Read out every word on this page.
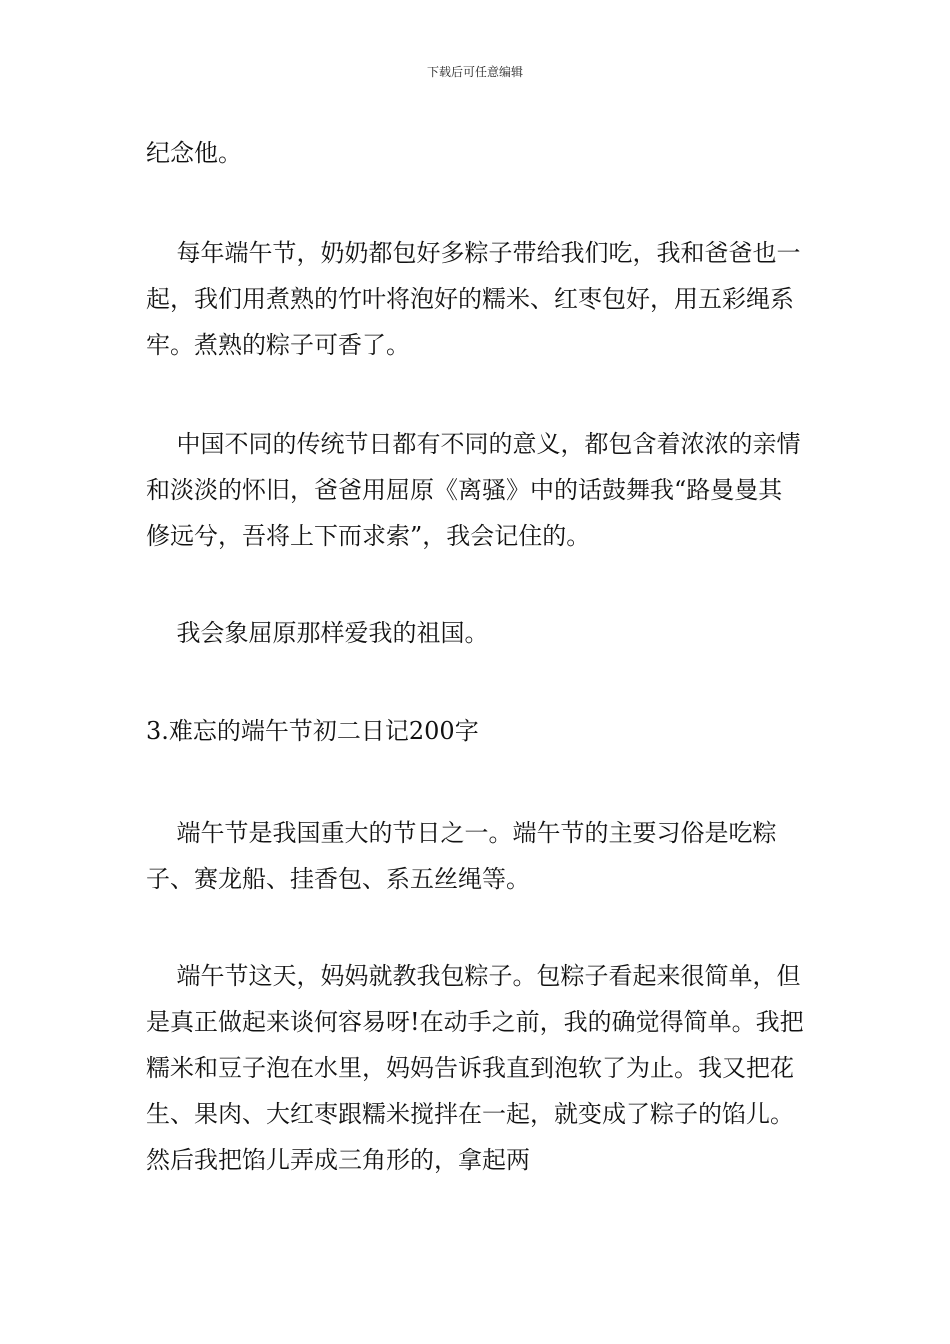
下载后可任意编辑

纪念他。

每年端午节，奶奶都包好多粽子带给我们吃，我和爸爸也一起，我们用煮熟的竹叶将泡好的糯米、红枣包好，用五彩绳系牢。煮熟的粽子可香了。

中国不同的传统节日都有不同的意义，都包含着浓浓的亲情和淡淡的怀旧，爸爸用屈原《离骚》中的话鼓舞我“路曼曼其修远兮，吾将上下而求索”，我会记住的。

我会象屈原那样爱我的祖国。

3.难忘的端午节初二日记200字

端午节是我国重大的节日之一。端午节的主要习俗是吃粽子、赛龙船、挂香包、系五丝绳等。

端午节这天，妈妈就教我包粽子。包粽子看起来很简单，但是真正做起来谈何容易呀!在动手之前，我的确觉得简单。我把糯米和豆子泡在水里，妈妈告诉我直到泡软了为止。我又把花生、果肉、大红枣跟糯米搅拌在一起，就变成了粽子的馅儿。然后我把馅儿弄成三角形的，拿起两
